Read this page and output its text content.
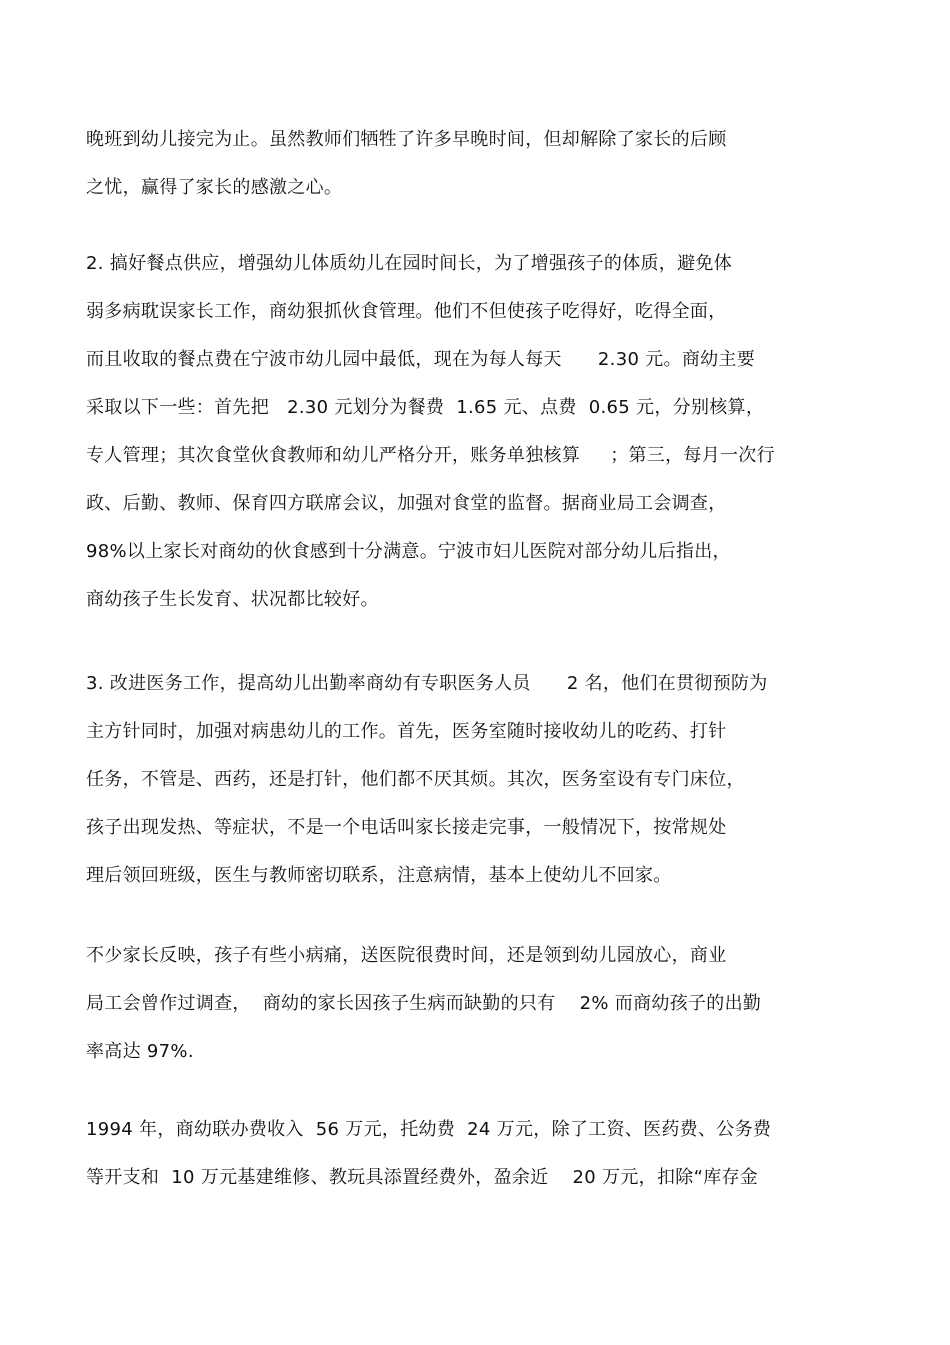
晚班到幼儿接完为止。虽然教师们牺牲了许多早晚时间，但却解除了家长的后顾
之忧，赢得了家长的感激之心。
2. 搞好餐点供应，增强幼儿体质幼儿在园时间长，为了增强孩子的体质，避免体
弱多病耽误家长工作，商幼狠抓伙食管理。他们不但使孩子吃得好，吃得全面，
而且收取的餐点费在宁波市幼儿园中最低，现在为每人每天      2.30 元。商幼主要
采取以下一些：首先把   2.30 元划分为餐费  1.65 元、点费  0.65 元，分别核算，
专人管理；其次食堂伙食教师和幼儿严格分开，账务单独核算     ；第三，每月一次行
政、后勤、教师、保育四方联席会议，加强对食堂的监督。据商业局工会调查，
98%以上家长对商幼的伙食感到十分满意。宁波市妇儿医院对部分幼儿后指出，
商幼孩子生长发育、状况都比较好。
3. 改进医务工作，提高幼儿出勤率商幼有专职医务人员      2 名，他们在贯彻预防为
主方针同时，加强对病患幼儿的工作。首先，医务室随时接收幼儿的吃药、打针
任务，不管是、西药，还是打针，他们都不厌其烦。其次，医务室设有专门床位，
孩子出现发热、等症状，不是一个电话叫家长接走完事，一般情况下，按常规处
理后领回班级，医生与教师密切联系，注意病情，基本上使幼儿不回家。
不少家长反映，孩子有些小病痛，送医院很费时间，还是领到幼儿园放心，商业
局工会曾作过调查，  商幼的家长因孩子生病而缺勤的只有    2% 而商幼孩子的出勤
率高达 97%.
1994 年，商幼联办费收入  56 万元，托幼费  24 万元，除了工资、医药费、公务费
等开支和  10 万元基建维修、教玩具添置经费外，盈余近    20 万元，扣除“库存金
